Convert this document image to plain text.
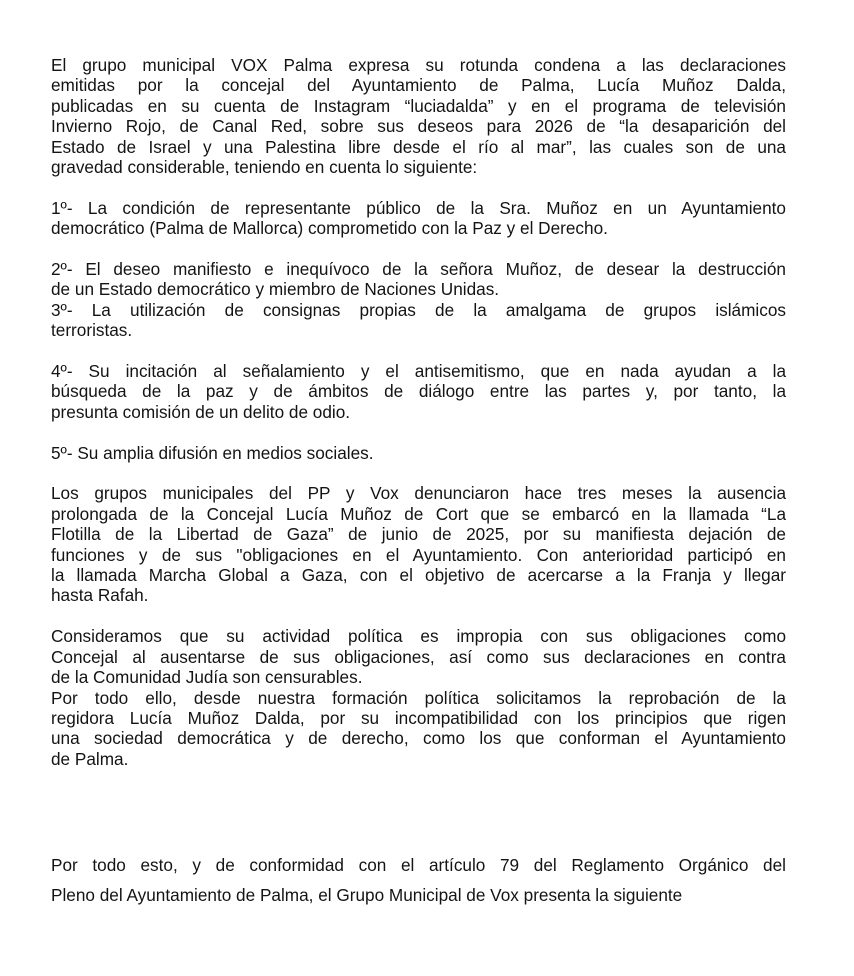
El grupo municipal VOX Palma expresa su rotunda condena a las declaraciones
emitidas por la concejal del Ayuntamiento de Palma, Lucía Muñoz Dalda,
publicadas en su cuenta de Instagram “luciadalda” y en el programa de televisión
Invierno Rojo, de Canal Red, sobre sus deseos para 2026 de “la desaparición del
Estado de Israel y una Palestina libre desde el río al mar”, las cuales son de una
gravedad considerable, teniendo en cuenta lo siguiente:
1º- La condición de representante público de la Sra. Muñoz en un Ayuntamiento
democrático (Palma de Mallorca) comprometido con la Paz y el Derecho.
2º- El deseo manifiesto e inequívoco de la señora Muñoz, de desear la destrucción
de un Estado democrático y miembro de Naciones Unidas.
3º- La utilización de consignas propias de la amalgama de grupos islámicos
terroristas.
4º- Su incitación al señalamiento y el antisemitismo, que en nada ayudan a la
búsqueda de la paz y de ámbitos de diálogo entre las partes y, por tanto, la
presunta comisión de un delito de odio.
5º- Su amplia difusión en medios sociales.
Los grupos municipales del PP y Vox denunciaron hace tres meses la ausencia
prolongada de la Concejal Lucía Muñoz de Cort que se embarcó en la llamada “La
Flotilla de la Libertad de Gaza” de junio de 2025, por su manifiesta dejación de
funciones y de sus "obligaciones en el Ayuntamiento. Con anterioridad participó en
la llamada Marcha Global a Gaza, con el objetivo de acercarse a la Franja y llegar
hasta Rafah.
Consideramos que su actividad política es impropia con sus obligaciones como
Concejal al ausentarse de sus obligaciones, así como sus declaraciones en contra
de la Comunidad Judía son censurables.
Por todo ello, desde nuestra formación política solicitamos la reprobación de la
regidora Lucía Muñoz Dalda, por su incompatibilidad con los principios que rigen
una sociedad democrática y de derecho, como los que conforman el Ayuntamiento
de Palma.
Por todo esto, y de conformidad con el artículo 79 del Reglamento Orgánico del
Pleno del Ayuntamiento de Palma, el Grupo Municipal de Vox presenta la siguiente
